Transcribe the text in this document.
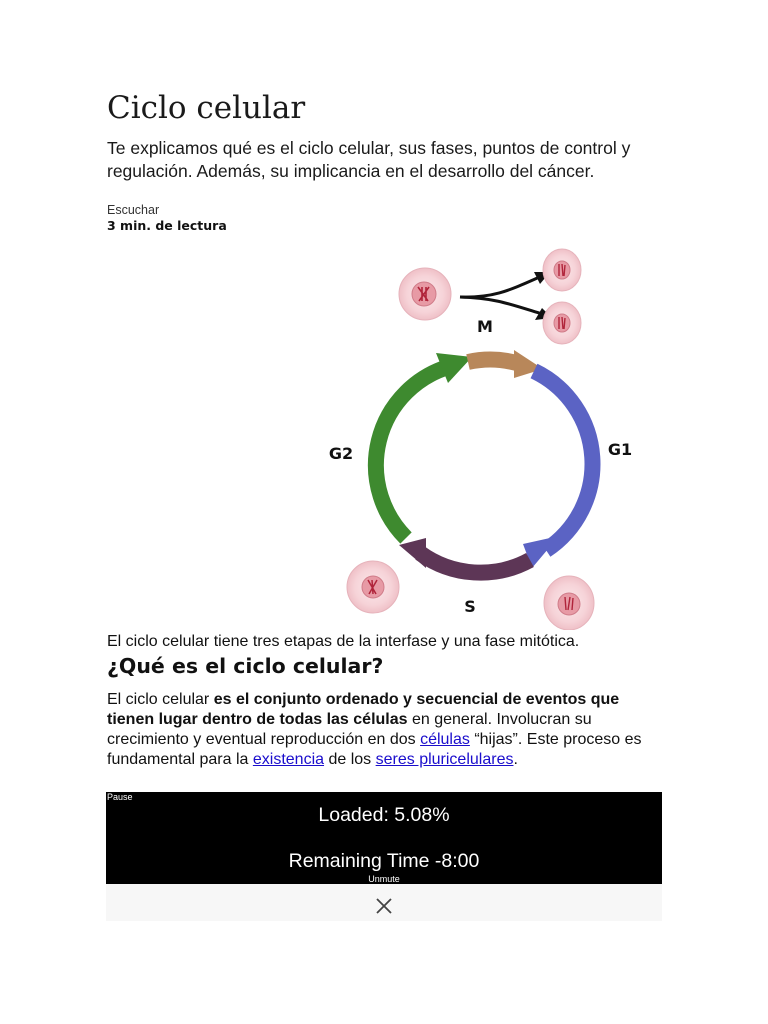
Ciclo celular

Te explicamos qué es el ciclo celular, sus fases, puntos de control y regulación. Además, su implicancia en el desarrollo del cáncer.

Escuchar
3 min. de lectura
M
G1
G2
S

El ciclo celular tiene tres etapas de la interfase y una fase mitótica.

¿Qué es el ciclo celular?

El ciclo celular es el conjunto ordenado y secuencial de eventos que tienen lugar dentro de todas las células en general. Involucran su crecimiento y eventual reproducción en dos células “hijas”. Este proceso es fundamental para la existencia de los seres pluricelulares.

Pause
Loaded: 5.08%
Remaining Time -8:00
Unmute
